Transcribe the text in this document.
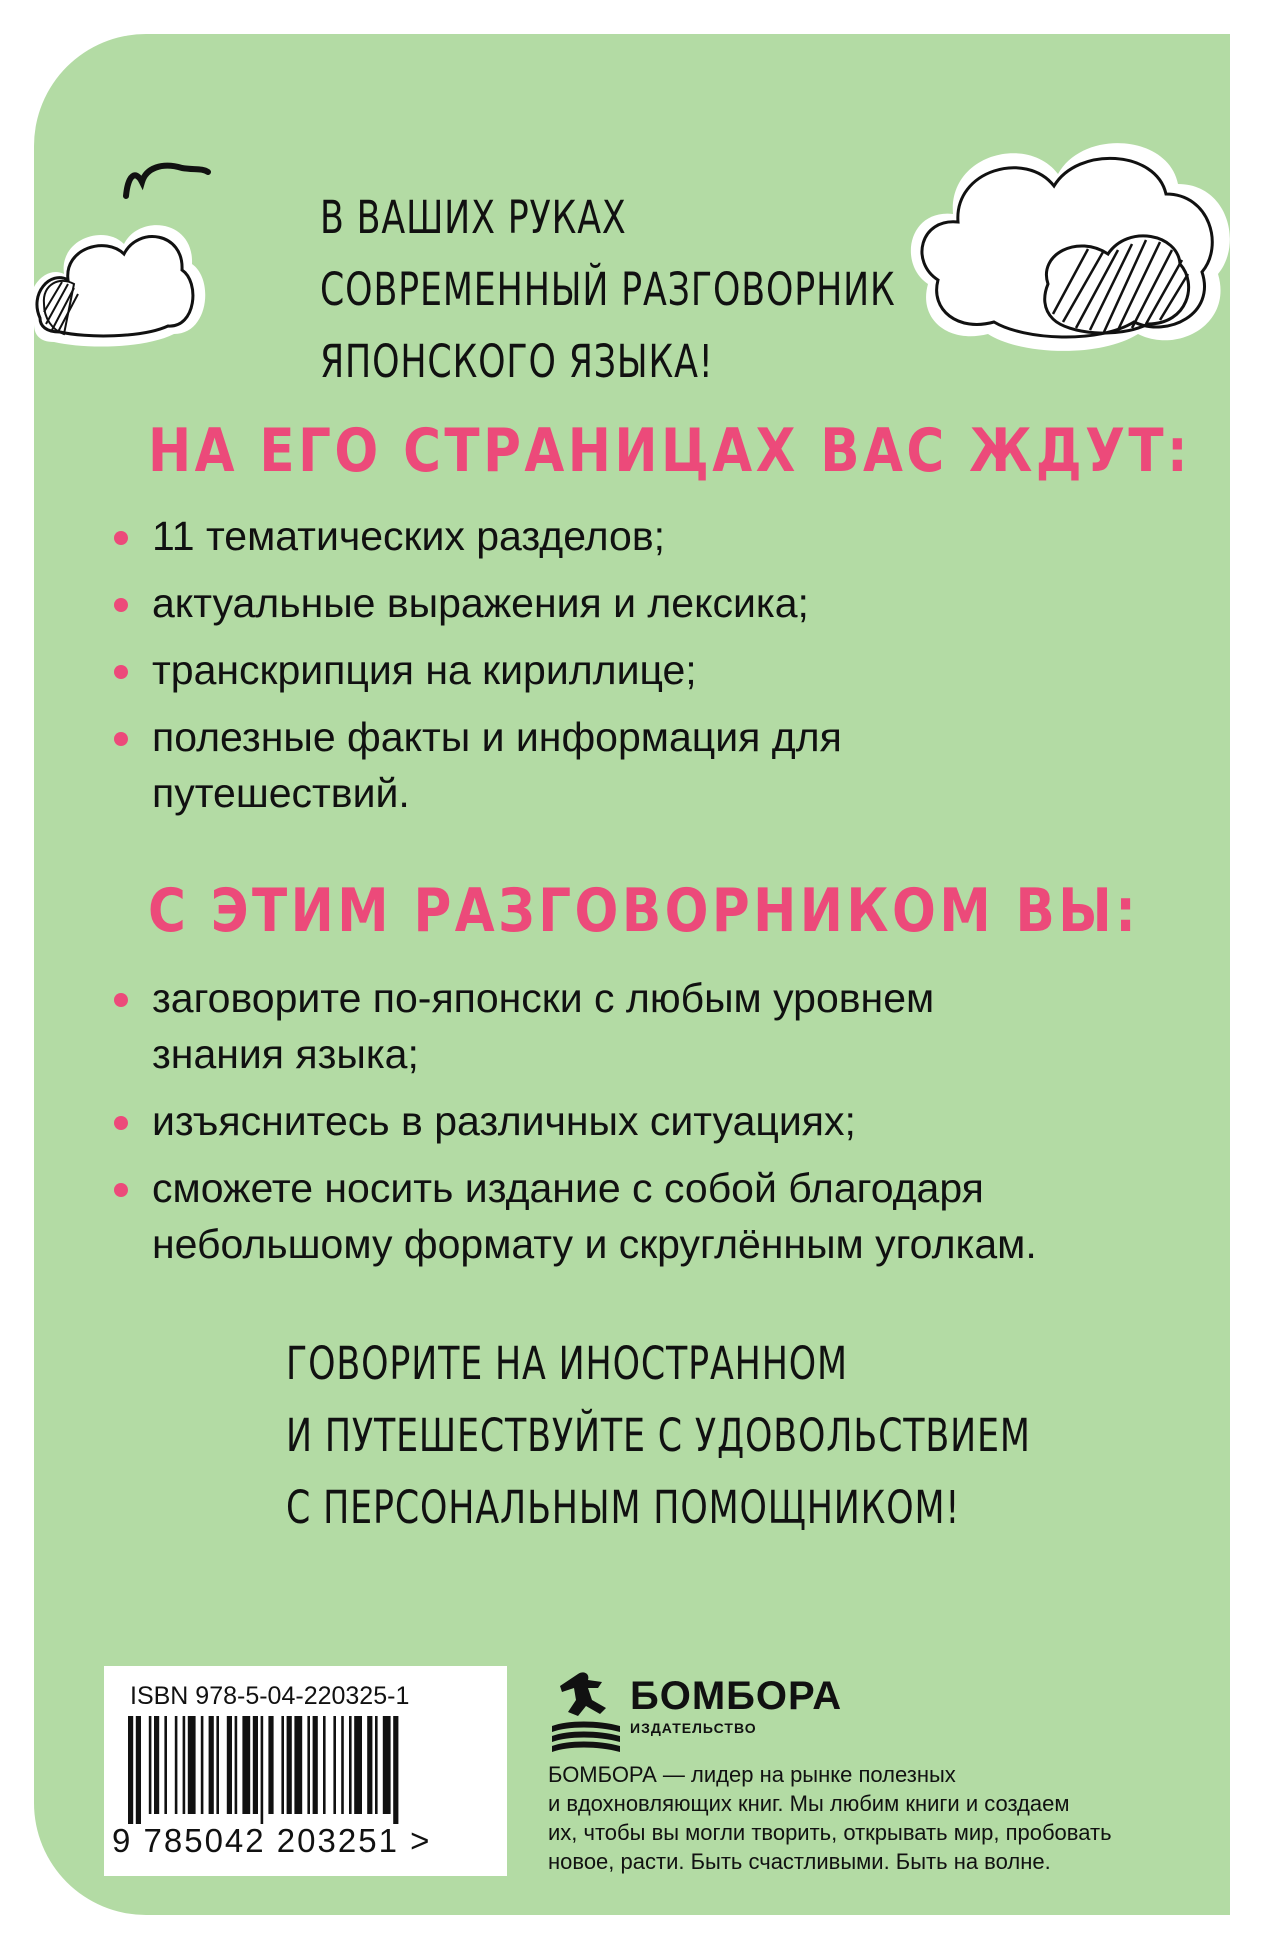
В ВАШИХ РУКАХ
СОВРЕМЕННЫЙ РАЗГОВОРНИК
ЯПОНСКОГО ЯЗЫКА!
НА ЕГО СТРАНИЦАХ ВАС ЖДУТ:
11 тематических разделов;
актуальные выражения и лексика;
транскрипция на кириллице;
полезные факты и информация для путешествий.
С ЭТИМ РАЗГОВОРНИКОМ ВЫ:
заговорите по-японски с любым уровнем знания языка;
изъяснитесь в различных ситуациях;
сможете носить издание с собой благодаря небольшому формату и скруглённым уголкам.
ГОВОРИТЕ НА ИНОСТРАННОМ
И ПУТЕШЕСТВУЙТЕ С УДОВОЛЬСТВИЕМ
С ПЕРСОНАЛЬНЫМ ПОМОЩНИКОМ!
ISBN 978-5-04-220325-1
9 785042 203251 >
БОМБОРА
ИЗДАТЕЛЬСТВО
БОМБОРА — лидер на рынке полезных
и вдохновляющих книг. Мы любим книги и создаем
их, чтобы вы могли творить, открывать мир, пробовать
новое, расти. Быть счастливыми. Быть на волне.
